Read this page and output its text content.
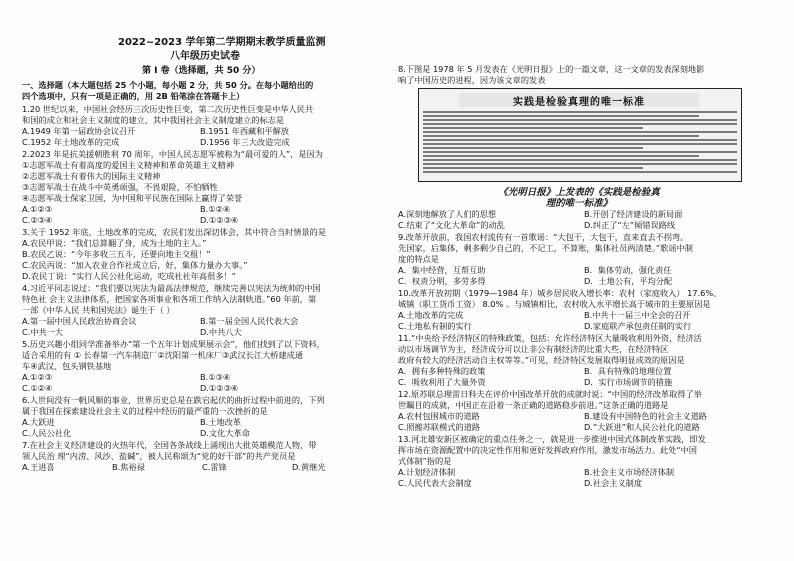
2022~2023 学年第二学期期末教学质量监测
八年级历史试卷
第 Ⅰ 卷（选择题，共 50 分）
一、选择题（本大题包括 25 个小题，每小题 2 分，共 50 分。在每小题给出的
四个选项中，只有一项是正确的，用 2B 铅笔涂在答题卡上）
1.20 世纪以来，中国社会经历三次历史性巨变，第二次历史性巨变是中华人民共
和国的成立和社会主义制度的建立，其中我国社会主义制度建立的标志是
A.1949 年第一届政协会议召开	B.1951 年西藏和平解放
C.1952 年土地改革的完成	D.1956 年三大改造完成
2.2023 年是抗美援朝胜利 70 周年，中国人民志愿军被称为“最可爱的人”，是因为
①志愿军战士有着高度的爱国主义精神和革命英雄主义精神
②志愿军战士有着伟大的国际主义精神
③志愿军战士在战斗中英勇顽强，不畏艰险，不怕牺牲
④志愿军战士保家卫国，为中国和平民族在国际上赢得了荣誉
A.①②③	B.①②④
C.②③④	D.①②③④
3.关于 1952 年底，土地改革的完成，农民们发出深切体会，其中符合当时情景的是
A.农民甲说：“我们总算翻了身，成为土地的主人。”
B.农民乙说：“今年多收三五斗，还要向地主交租！”
C.农民丙说：“加入农业合作社成立后，好，集体力量办大事。”
D.农民丁说：“实行人民公社化运动，吃成社社年高很多！”
4.习近平同志说过：“我们要以宪法为最高法律规范，继续完善以宪法为统帅的中国
特色社 会主义法律体系，把国家各项事业和各项工作纳入法制轨道。”60 年前，第
一部《中华人民 共和国宪法》诞生于（ ）
A.第一届中国人民政治协商会议	B.第一届全国人民代表大会
C.中共一大	D.中共八大
5.历史兴趣小组同学准备举办“第一个五年计划成果展示会”，他们找到了以下资料，
适合采用的有 ① 长春第一汽车制造厂②沈阳第一机床厂③武汉长江大桥建成通
车④武汉、包头钢铁基地
A.①②③	B.①③④
C.①②④	D.①②③④
6.人世间没有一帆风顺的事业，世界历史总是在跌宕起伏的曲折过程中前进的，下列
属于我国在探索建设社会主义的过程中经历的最严重的一次挫折的是
A.大跃进	B.土地改革
C.人民公社化	D.文化大革命
7.在社会主义经济建设的火热年代，全国各条战线上涌现出大批英雄模范人物，带
领人民治 理“内涝、风沙、盐碱”，被人民称颂为“党的好干部”的共产党员是
A.王进喜	B.焦裕禄	C.雷锋	D.黄继光
8.下图是 1978 年 5 月发表在《光明日报》上的一篇文章，这一文章的发表深刻地影
响了中国历史的进程，因为该文章的发表
实践是检验真理的唯一标准
《光明日报》上发表的《实践是检验真
理的唯一标准》
A.深刻地解放了人们的思想	B.开创了经济建设的新局面
C.结束了“文化大革命”的动乱	D.纠正了“左”倾错误路线
9.改革开放前，我国农村流传有一首歌谣：“大包干，大包干，直来直去不拐弯。
先国家，后集体，剩多剩少自己的，不记工，不算账，集体社员两清楚。”歌谣中制
度的特点是
A．集中经营，互帮互助	B．集体劳动，强化责任
C．权责分明，多劳多得	D．土地公有，平均分配
10.改革开放初期（1979—1984 年）城乡居民收入增长率：农村（家庭收入） 17.6%、
城镇（职工货币工资） 8.0% 。与城镇相比，农村收入水平增长高于城市的主要原因是
A.土地改革的完成	B.中共十一届三中全会的召开
C.土地私有制的实行	D.家庭联产承包责任制的实行
11.“中央给予经济特区的特殊政策，包括：允许经济特区大量吸收利用外资，经济活
动以市场调节为主，经济成分可以让非公有制经济的比重大些，在经济特区
政府有较大的经济活动自主权等等。”可见，经济特区发展取得明显成效的原因是
A．拥有多种特殊的政策	B．具有特殊的地理位置
C．吸收利用了大量外资	D．实行市场调节的措施
12.原苏联总理雷日科夫在评价中国改革开放的成就时说：“中国的经济改革取得了举
世瞩目的成就，中国正在沿着一条正确的道路稳步前进。”这条正确的道路是
A.农村包围城市的道路	B.建设有中国特色的社会主义道路
C.照搬苏联模式的道路	D.“大跃进”和人民公社化的道路
13.河北雄安新区被确定的重点任务之一，就是进一步推进中国式体制改革实践，即发
挥市场在资源配置中的决定性作用和更好发挥政府作用，激发市场活力。此处“中国
式体制”指的是
A.计划经济体制	B.社会主义市场经济体制
C.人民代表大会制度	D.社会主义制度
